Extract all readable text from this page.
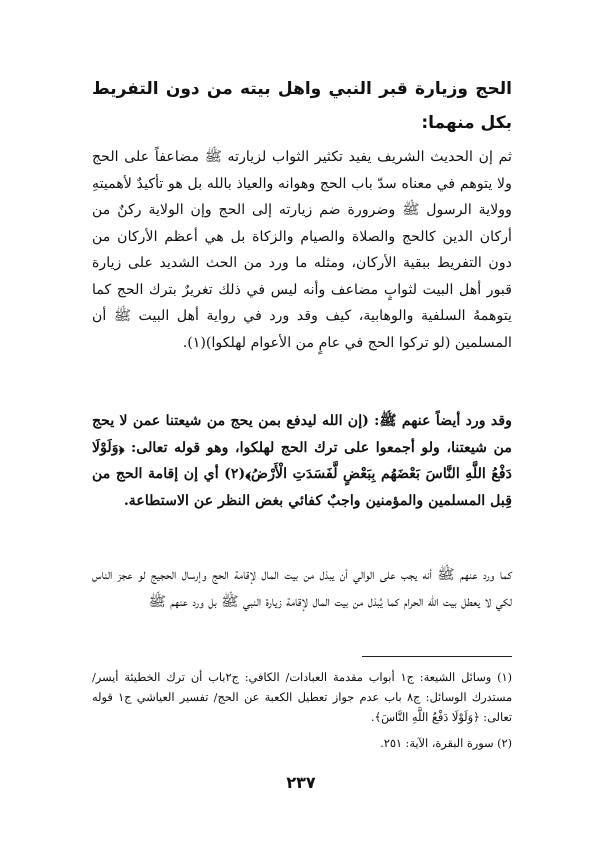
الحج وزيارة قبر النبي واهل بيته من دون التفريط بكل منهما:

ثم إن الحديث الشريف يفيد تكثير الثواب لزيارته ﷺ مضاعفاً على الحج ولا يتوهم في معناه سدّ باب الحج وهوانه والعياذ بالله بل هو تأكيدٌ لأهميتهِ وولاية الرسول ﷺ وضرورة ضم زيارته إلى الحج وإن الولاية ركنٌ من أركان الدين كالحج والصلاة والصيام والزكاة بل هي أعظم الأركان من دون التفريط ببقية الأركان، ومثله ما ورد من الحث الشديد على زيارة قبور أهل البيت لثوابٍ مضاعف وأنه ليس في ذلك تغريرٌ بترك الحج كما يتوهمهُ السلفية والوهابية، كيف وقد ورد في رواية أهل البيت ﷺ أن المسلمين (لو تركوا الحج في عامٍ من الأعوام لهلكوا)(١).

وقد ورد أيضاً عنهم ﷺ: (إن الله ليدفع بمن يحج من شيعتنا عمن لا يحج من شيعتنا، ولو أجمعوا على ترك الحج لهلكوا، وهو قوله تعالى: ﴿وَلَوْلَا دَفْعُ اللَّهِ النَّاسَ بَعْضَهُم بِبَعْضٍ لَّفَسَدَتِ الْأَرْضُ﴾(٢) أي إن إقامة الحج من قِبل المسلمين والمؤمنين واجبٌ كفائي بغض النظر عن الاستطاعة.

كما ورد عنهم ﷺ أنه يجب على الوالي أن يبذل من بيت المال لإقامة الحج وإرسال الحجيج لو عجز الناس لكي لا يعطل بيت الله الحرام كما يُبذل من بيت المال لإقامة زيارة النبي ﷺ بل ورد عنهم ﷺ

(١) وسائل الشيعة: ج١ أبواب مقدمة العبادات/ الكافي: ج٢باب أن ترك الخطيئة أيسر/ مستدرك الوسائل: ج٨ باب عدم جواز تعطيل الكعبة عن الحج/ تفسير العياشي ج١ قوله تعالى: ﴿وَلَوْلَا دَفْعُ اللَّهِ النَّاسَ﴾.

(٢) سورة البقرة، الآية: ٢٥١.

٢٣٧
